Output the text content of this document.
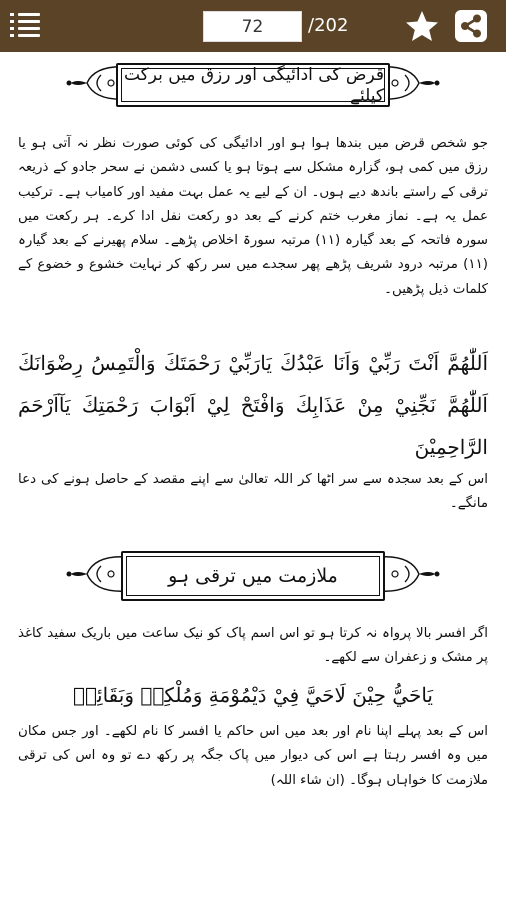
72
/202
قرض کی ادائیگی اور رزق میں برکت کیلئے
جو شخص قرض میں بندھا ہوا ہو اور ادائیگی کی کوئی صورت نظر نہ آتی ہو یا رزق میں کمی ہو، گزارہ مشکل سے ہوتا ہو یا کسی دشمن نے سحر جادو کے ذریعہ ترقی کے راستے باندھ دیے ہوں۔ ان کے لیے یہ عمل بہت مفید اور کامیاب ہے۔ ترکیب عمل یہ ہے۔ نماز مغرب ختم کرنے کے بعد دو رکعت نفل ادا کرے۔ ہر رکعت میں سورہ فاتحہ کے بعد گیارہ (۱۱) مرتبہ سورۃ اخلاص پڑھے۔ سلام پھیرنے کے بعد گیارہ (۱۱) مرتبہ درود شریف پڑھے پھر سجدے میں سر رکھ کر نہایت خشوع و خضوع کے کلمات ذیل پڑھیں۔
اَللّٰهُمَّ اَنْتَ رَبِّيْ وَاَنَا عَبْدُكَ يَارَبِّيْ رَحْمَتَكَ وَالْتَمِسُ رِضْوَانَكَ اَللّٰهُمَّ نَجِّنِيْ مِنْ عَذَابِكَ وَافْتَحْ لِيْ اَبْوَابَ رَحْمَتِكَ يَآاَرْحَمَ الرَّاحِمِيْنَ
اس کے بعد سجدہ سے سر اٹھا کر اللہ تعالیٰ سے اپنے مقصد کے حاصل ہونے کی دعا مانگے۔
ملازمت میں ترقی ہو
اگر افسر بالا پرواہ نہ کرتا ہو تو اس اسم پاک کو نیک ساعت میں باریک سفید کاغذ پر مشک و زعفران سے لکھے۔
يَاحَيُّ حِيْنَ لَاحَيَّ فِيْ دَيْمُوْمَةِ وَمُلْكِهٖ وَبَقَائِهٖ
اس کے بعد پہلے اپنا نام اور بعد میں اس حاکم یا افسر کا نام لکھے۔ اور جس مکان میں وہ افسر رہتا ہے اس کی دیوار میں پاک جگہ پر رکھ دے تو وہ اس کی ترقی ملازمت کا خواہاں ہوگا۔ (ان شاء اللہ)
